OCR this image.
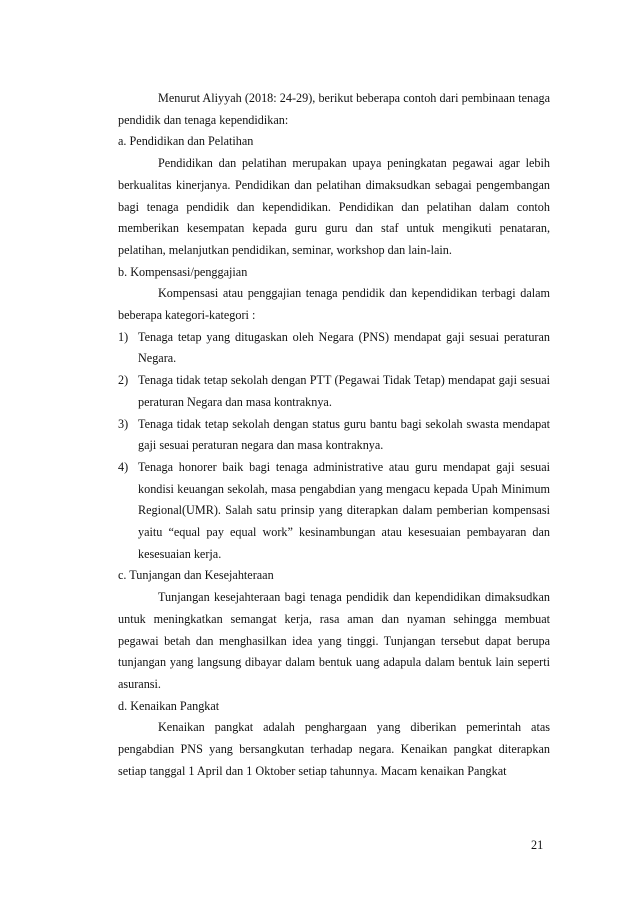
Menurut Aliyyah (2018: 24-29), berikut beberapa contoh dari pembinaan tenaga pendidik dan tenaga kependidikan:

a. Pendidikan dan Pelatihan

Pendidikan dan pelatihan merupakan upaya peningkatan pegawai agar lebih berkualitas kinerjanya. Pendidikan dan pelatihan dimaksudkan sebagai pengembangan bagi tenaga pendidik dan kependidikan. Pendidikan dan pelatihan dalam contoh memberikan kesempatan kepada guru guru dan staf untuk mengikuti penataran, pelatihan, melanjutkan pendidikan, seminar, workshop dan lain-lain.

b. Kompensasi/penggajian

Kompensasi atau penggajian tenaga pendidik dan kependidikan terbagi dalam beberapa kategori-kategori :

1) Tenaga tetap yang ditugaskan oleh Negara (PNS) mendapat gaji sesuai peraturan Negara.
2) Tenaga tidak tetap sekolah dengan PTT (Pegawai Tidak Tetap) mendapat gaji sesuai peraturan Negara dan masa kontraknya.
3) Tenaga tidak tetap sekolah dengan status guru bantu bagi sekolah swasta mendapat gaji sesuai peraturan negara dan masa kontraknya.
4) Tenaga honorer baik bagi tenaga administrative atau guru mendapat gaji sesuai kondisi keuangan sekolah, masa pengabdian yang mengacu kepada Upah Minimum Regional(UMR). Salah satu prinsip yang diterapkan dalam pemberian kompensasi yaitu “equal pay equal work” kesinambungan atau kesesuaian pembayaran dan kesesuaian kerja.

c. Tunjangan dan Kesejahteraan

Tunjangan kesejahteraan bagi tenaga pendidik dan kependidikan dimaksudkan untuk meningkatkan semangat kerja, rasa aman dan nyaman sehingga membuat pegawai betah dan menghasilkan idea yang tinggi. Tunjangan tersebut dapat berupa tunjangan yang langsung dibayar dalam bentuk uang adapula dalam bentuk lain seperti asuransi.

d. Kenaikan Pangkat

Kenaikan pangkat adalah penghargaan yang diberikan pemerintah atas pengabdian PNS yang bersangkutan terhadap negara. Kenaikan pangkat diterapkan setiap tanggal 1 April dan 1 Oktober setiap tahunnya. Macam kenaikan Pangkat

21
